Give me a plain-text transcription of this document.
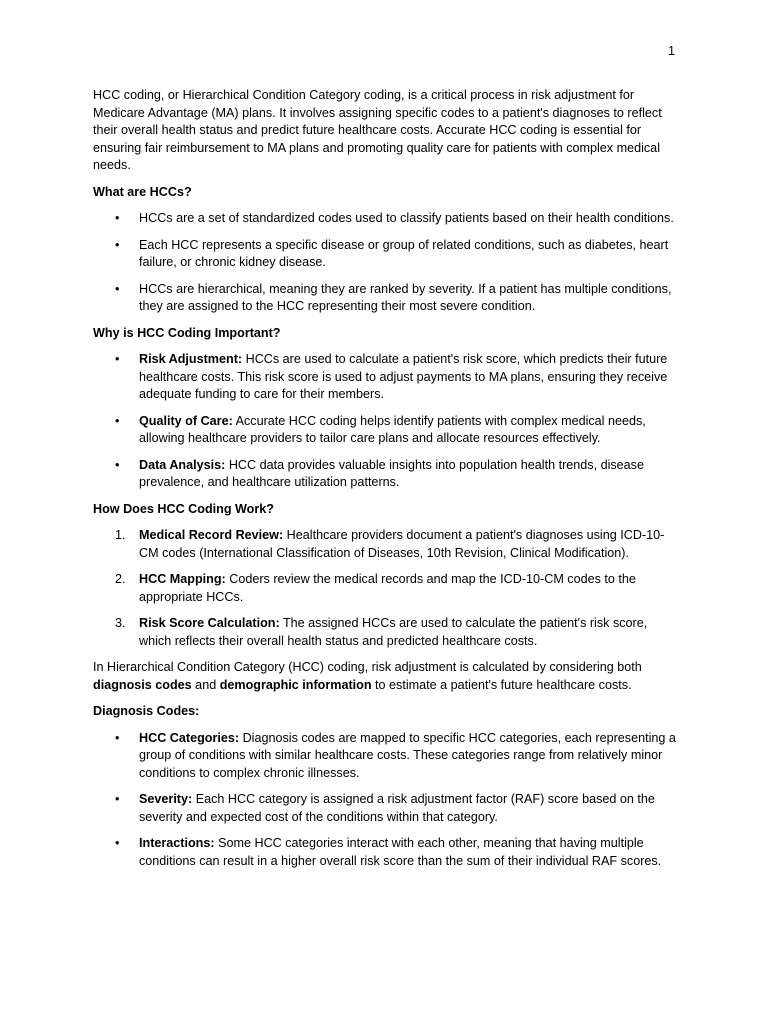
1

HCC coding, or Hierarchical Condition Category coding, is a critical process in risk adjustment for Medicare Advantage (MA) plans. It involves assigning specific codes to a patient's diagnoses to reflect their overall health status and predict future healthcare costs. Accurate HCC coding is essential for ensuring fair reimbursement to MA plans and promoting quality care for patients with complex medical needs.

What are HCCs?

• HCCs are a set of standardized codes used to classify patients based on their health conditions.
• Each HCC represents a specific disease or group of related conditions, such as diabetes, heart failure, or chronic kidney disease.
• HCCs are hierarchical, meaning they are ranked by severity. If a patient has multiple conditions, they are assigned to the HCC representing their most severe condition.

Why is HCC Coding Important?

• Risk Adjustment: HCCs are used to calculate a patient's risk score, which predicts their future healthcare costs. This risk score is used to adjust payments to MA plans, ensuring they receive adequate funding to care for their members.
• Quality of Care: Accurate HCC coding helps identify patients with complex medical needs, allowing healthcare providers to tailor care plans and allocate resources effectively.
• Data Analysis: HCC data provides valuable insights into population health trends, disease prevalence, and healthcare utilization patterns.

How Does HCC Coding Work?

1.	Medical Record Review: Healthcare providers document a patient's diagnoses using ICD-10-CM codes (International Classification of Diseases, 10th Revision, Clinical Modification).
2.	HCC Mapping: Coders review the medical records and map the ICD-10-CM codes to the appropriate HCCs.
3.	Risk Score Calculation: The assigned HCCs are used to calculate the patient's risk score, which reflects their overall health status and predicted healthcare costs.

In Hierarchical Condition Category (HCC) coding, risk adjustment is calculated by considering both diagnosis codes and demographic information to estimate a patient's future healthcare costs.

Diagnosis Codes:

• HCC Categories: Diagnosis codes are mapped to specific HCC categories, each representing a group of conditions with similar healthcare costs. These categories range from relatively minor conditions to complex chronic illnesses.
• Severity: Each HCC category is assigned a risk adjustment factor (RAF) score based on the severity and expected cost of the conditions within that category.
• Interactions: Some HCC categories interact with each other, meaning that having multiple conditions can result in a higher overall risk score than the sum of their individual RAF scores.
